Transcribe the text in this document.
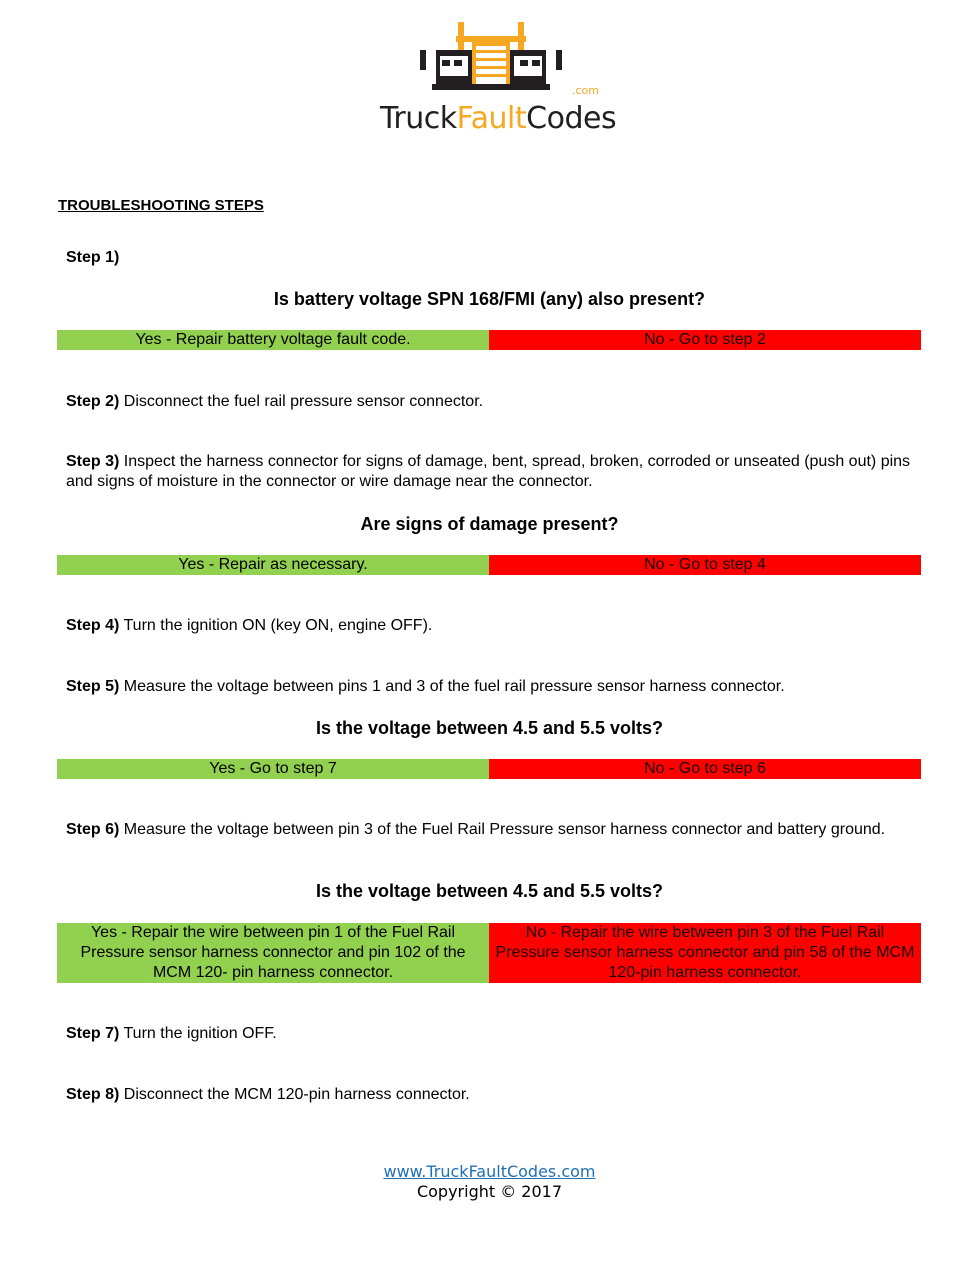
TruckFaultCodes
.com
TROUBLESHOOTING STEPS
Step 1)
Is battery voltage SPN 168/FMI (any) also present?
Yes - Repair battery voltage fault code.	No - Go to step 2
Step 2) Disconnect the fuel rail pressure sensor connector.
Step 3) Inspect the harness connector for signs of damage, bent, spread, broken, corroded or unseated (push out) pins and signs of moisture in the connector or wire damage near the connector.
Are signs of damage present?
Yes - Repair as necessary.	No - Go to step 4
Step 4) Turn the ignition ON (key ON, engine OFF).
Step 5) Measure the voltage between pins 1 and 3 of the fuel rail pressure sensor harness connector.
Is the voltage between 4.5 and 5.5 volts?
Yes - Go to step 7	No - Go to step 6
Step 6) Measure the voltage between pin 3 of the Fuel Rail Pressure sensor harness connector and battery ground.
Is the voltage between 4.5 and 5.5 volts?
Yes - Repair the wire between pin 1 of the Fuel Rail Pressure sensor harness connector and pin 102 of the MCM 120- pin harness connector.
No - Repair the wire between pin 3 of the Fuel Rail Pressure sensor harness connector and pin 58 of the MCM 120-pin harness connector.
Step 7) Turn the ignition OFF.
Step 8) Disconnect the MCM 120-pin harness connector.
www.TruckFaultCodes.com
Copyright © 2017
